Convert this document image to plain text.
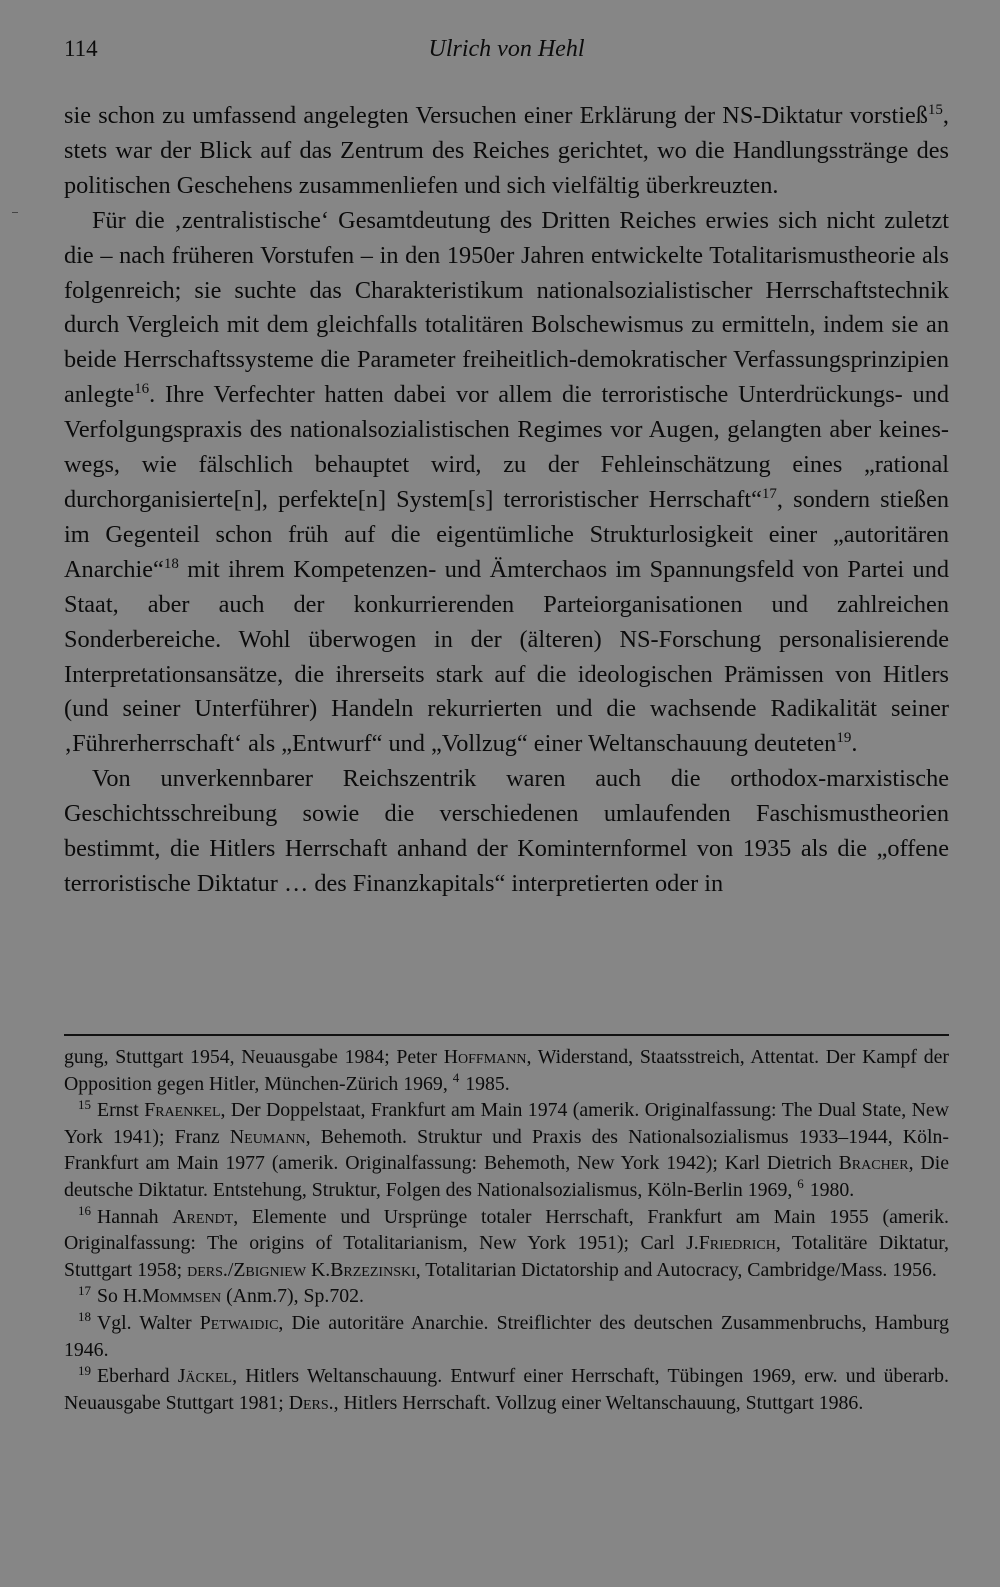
114	Ulrich von Hehl

sie schon zu umfassend angelegten Versuchen einer Erklärung der NS-Diktatur vorstieß$^{15}$, stets war der Blick auf das Zentrum des Reiches gerichtet, wo die Handlungsstränge des politischen Geschehens zusammenliefen und sich vielfältig überkreuzten.

Für die ‚zentralistische‘ Gesamtdeutung des Dritten Reiches erwies sich nicht zuletzt die – nach früheren Vorstufen – in den 1950er Jahren entwickelte Totalitarismustheorie als folgenreich; sie suchte das Charakteristikum nationalsozialistischer Herrschaftstechnik durch Vergleich mit dem gleichfalls totalitären Bolschewismus zu ermitteln, indem sie an beide Herrschaftssysteme die Parameter freiheitlich-demokratischer Verfassungsprinzipien anlegte$^{16}$. Ihre Verfechter hatten dabei vor allem die terroristische Unterdrückungs- und Verfolgungspraxis des nationalsozialistischen Regimes vor Augen, gelangten aber keineswegs, wie fälschlich behauptet wird, zu der Fehleinschätzung eines „rational durchorganisierte[n], perfekte[n] System[s] terroristischer Herrschaft“$^{17}$, sondern stießen im Gegenteil schon früh auf die eigentümliche Strukturlosigkeit einer „autoritären Anarchie“$^{18}$ mit ihrem Kompetenzen- und Ämterchaos im Spannungsfeld von Partei und Staat, aber auch der konkurrierenden Parteiorganisationen und zahlreichen Sonderbereiche. Wohl überwogen in der (älteren) NS-Forschung personalisierende Interpretationsansätze, die ihrerseits stark auf die ideologischen Prämissen von Hitlers (und seiner Unterführer) Handeln rekurrierten und die wachsende Radikalität seiner ‚Führerherrschaft‘ als „Entwurf“ und „Vollzug“ einer Weltanschauung deuteten$^{19}$.

Von unverkennbarer Reichszentrik waren auch die orthodox-marxistische Geschichtsschreibung sowie die verschiedenen umlaufenden Faschismustheorien bestimmt, die Hitlers Herrschaft anhand der Kominternformel von 1935 als die „offene terroristische Diktatur … des Finanzkapitals“ interpretierten oder in

gung, Stuttgart 1954, Neuausgabe 1984; Peter Hoffmann, Widerstand, Staatsstreich, Attentat. Der Kampf der Opposition gegen Hitler, München-Zürich 1969, $^4$ 1985.

$^{15}$ Ernst Fraenkel, Der Doppelstaat, Frankfurt am Main 1974 (amerik. Originalfassung: The Dual State, New York 1941); Franz Neumann, Behemoth. Struktur und Praxis des Nationalsozialismus 1933–1944, Köln-Frankfurt am Main 1977 (amerik. Originalfassung: Behemoth, New York 1942); Karl Dietrich Bracher, Die deutsche Diktatur. Entstehung, Struktur, Folgen des Nationalsozialismus, Köln-Berlin 1969, $^6$ 1980.

$^{16}$ Hannah Arendt, Elemente und Ursprünge totaler Herrschaft, Frankfurt am Main 1955 (amerik. Originalfassung: The origins of Totalitarianism, New York 1951); Carl J.Friedrich, Totalitäre Diktatur, Stuttgart 1958; ders./Zbigniew K.Brzezinski, Totalitarian Dictatorship and Autocracy, Cambridge/Mass. 1956.

$^{17}$ So H.Mommsen (Anm.7), Sp.702.

$^{18}$ Vgl. Walter Petwaidic, Die autoritäre Anarchie. Streiflichter des deutschen Zusammenbruchs, Hamburg 1946.

$^{19}$ Eberhard Jäckel, Hitlers Weltanschauung. Entwurf einer Herrschaft, Tübingen 1969, erw. und überarb. Neuausgabe Stuttgart 1981; Ders., Hitlers Herrschaft. Vollzug einer Weltanschauung, Stuttgart 1986.
